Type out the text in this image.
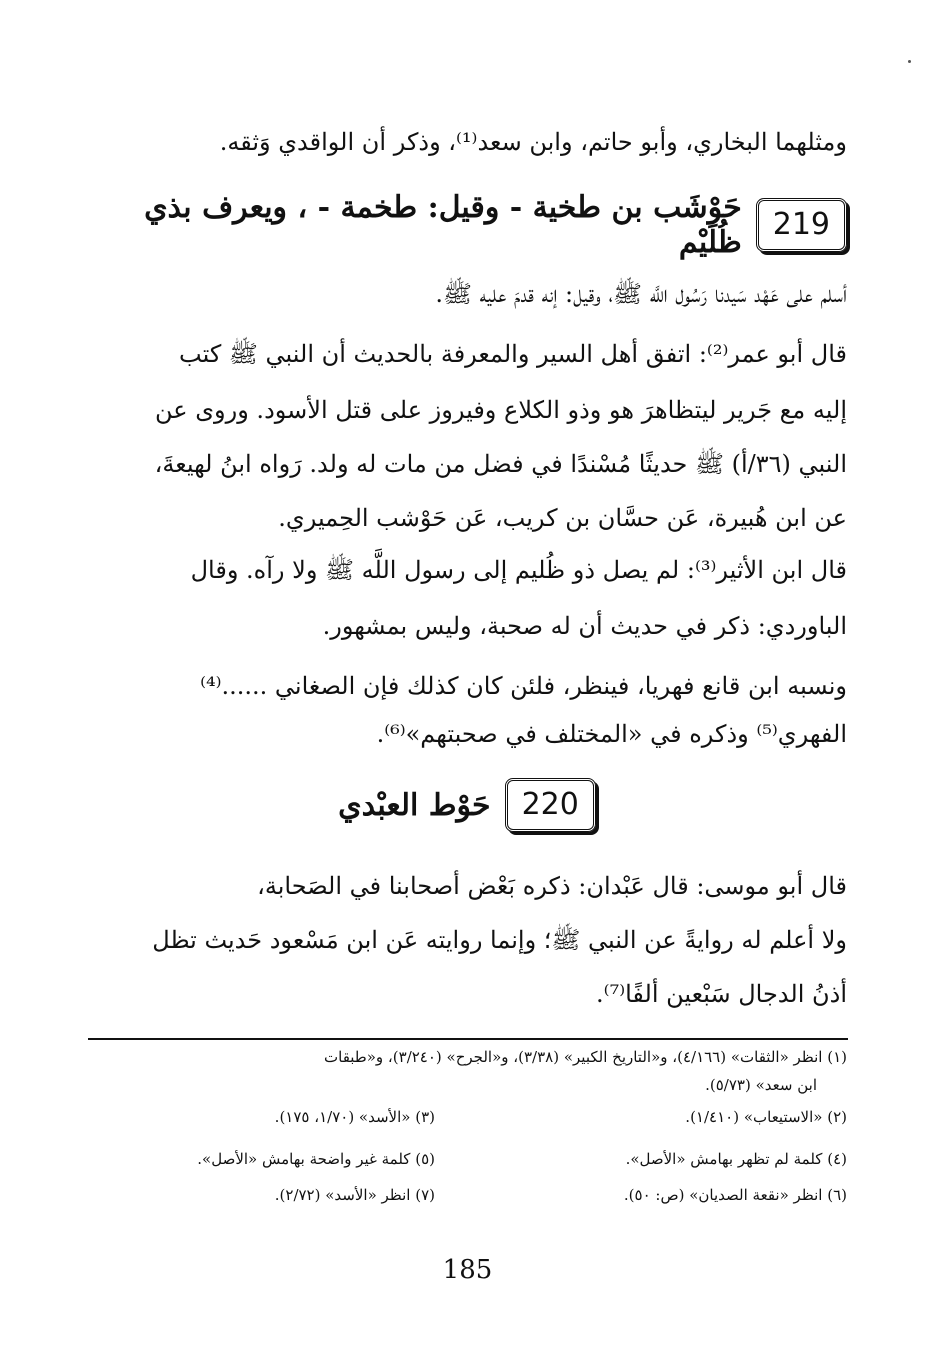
ومثلهما البخاري، وأبو حاتم، وابن سعد⁽¹⁾، وذكر أن الواقدي وَثقه.
219
حَوْشَب بن طخية - وقيل: طخمة - ، ويعرف بذي ظُلَيْم
أسلم على عَهْد سَيدنا رَسُول اللَّه ﷺ، وقيل: إنه قدمَ عليه ﷺ.
قال أبو عمر⁽²⁾: اتفق أهل السير والمعرفة بالحديث أن النبي ﷺ كتب
إليه مع جَرير ليتظاهرَ هو وذو الكلاع وفيروز على قتل الأسود. وروى عن
النبي (٣٦/أ) ﷺ حديثًا مُسْندًا في فضل من مات له ولد. رَواه ابنُ لهيعةَ،
عن ابن هُبيرة، عَن حسَّان بن كريب، عَن حَوْشب الحِميري.
قال ابن الأثير⁽³⁾: لم يصل ذو ظُليم إلى رسول اللَّه ﷺ ولا رآه. وقال
الباوردي: ذكر في حديث أن له صحبة، وليس بمشهور.
ونسبه ابن قانع فهريا، فينظر، فلئن كان كذلك فإن الصغاني ......⁽⁴⁾
الفهري⁽⁵⁾ وذكره في «المختلف في صحبتهم»⁽⁶⁾.
220
حَوْط العبْدي
قال أبو موسى: قال عَبْدان: ذكره بَعْض أصحابنا في الصَحابة،
ولا أعلم له روايةً عن النبي ﷺ؛ وإنما روايته عَن ابن مَسْعود حَديث تظل
أذنُ الدجال سَبْعين ألفًا⁽⁷⁾.
(١) انظر «الثقات» (٤/١٦٦)، و«التاريخ الكبير» (٣/٣٨)، و«الجرح» (٣/٢٤٠)، و«طبقات
ابن سعد» (٥/٧٣).
(٢) «الاستيعاب» (١/٤١٠).
(٣) «الأسد» (١/٧٠، ١٧٥).
(٤) كلمة لم تظهر بهامش «الأصل».
(٥) كلمة غير واضحة بهامش «الأصل».
(٦) انظر «نقعة الصديان» (ص: ٥٠).
(٧) انظر «الأسد» (٢/٧٢).
185
